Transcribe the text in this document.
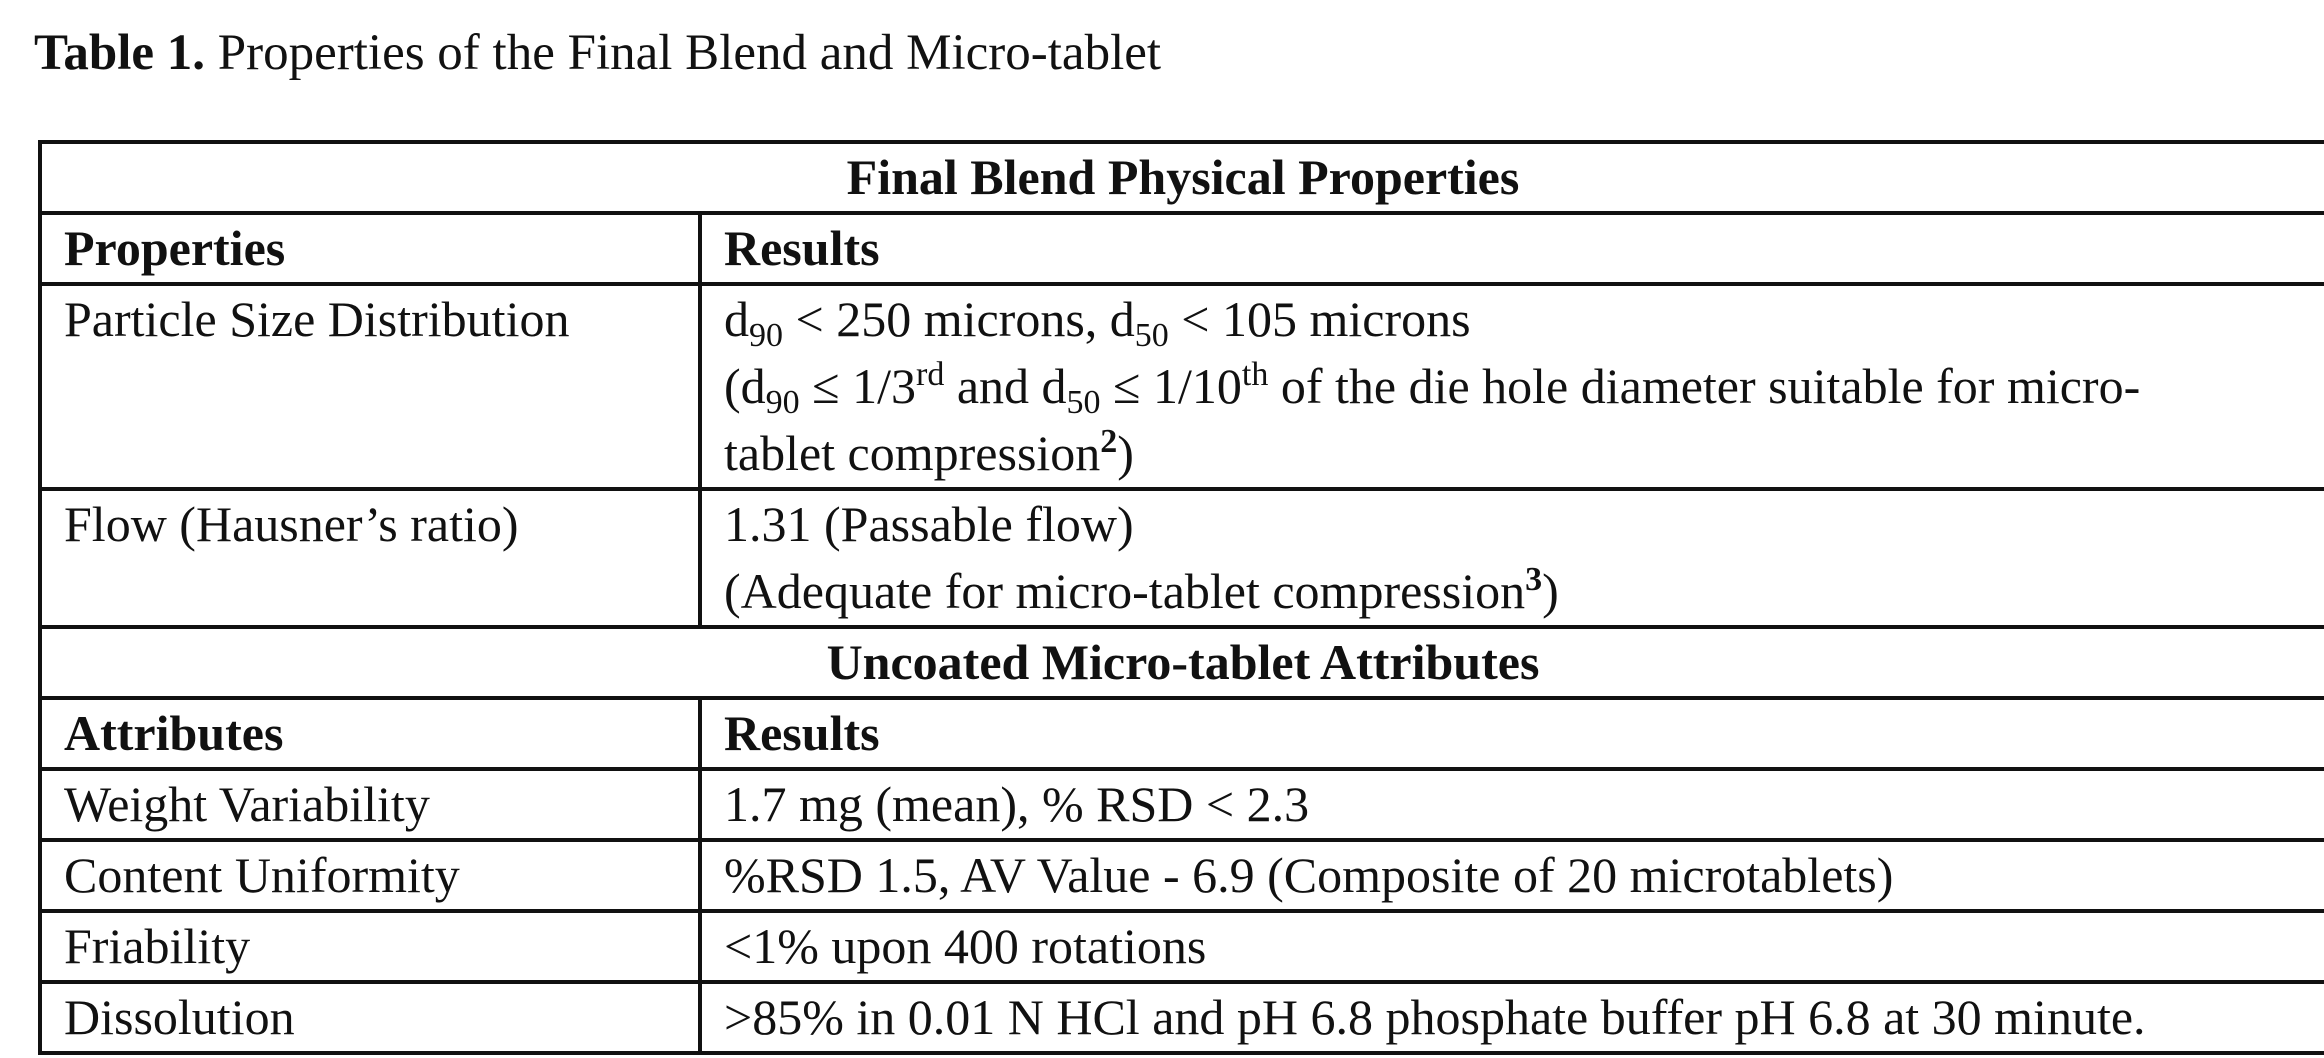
Table 1. Properties of the Final Blend and Micro-tablet
Final Blend Physical Properties	
Properties	Results
Particle Size Distribution	$d_{90} < 250$ microns, $d_{50} < 105$ microns
($d_{90} \le 1/3rd$ and $d_{50} \le 1/10th$ of the die hole diameter suitable for micro-
tablet compression$^2$)

Flow (Hausner’s ratio)	1.31 (Passable flow)
(Adequate for micro-tablet compression$^3$)

Uncoated Micro-tablet Attributes	
Attributes	Results
Weight Variability	1.7 mg (mean), % RSD < 2.3
Content Uniformity	%RSD 1.5, AV Value - 6.9 (Composite of 20 microtablets)
Friability	<1% upon 400 rotations
Dissolution	>85% in 0.01 N HCl and pH 6.8 phosphate buffer pH 6.8 at 30 minute.
